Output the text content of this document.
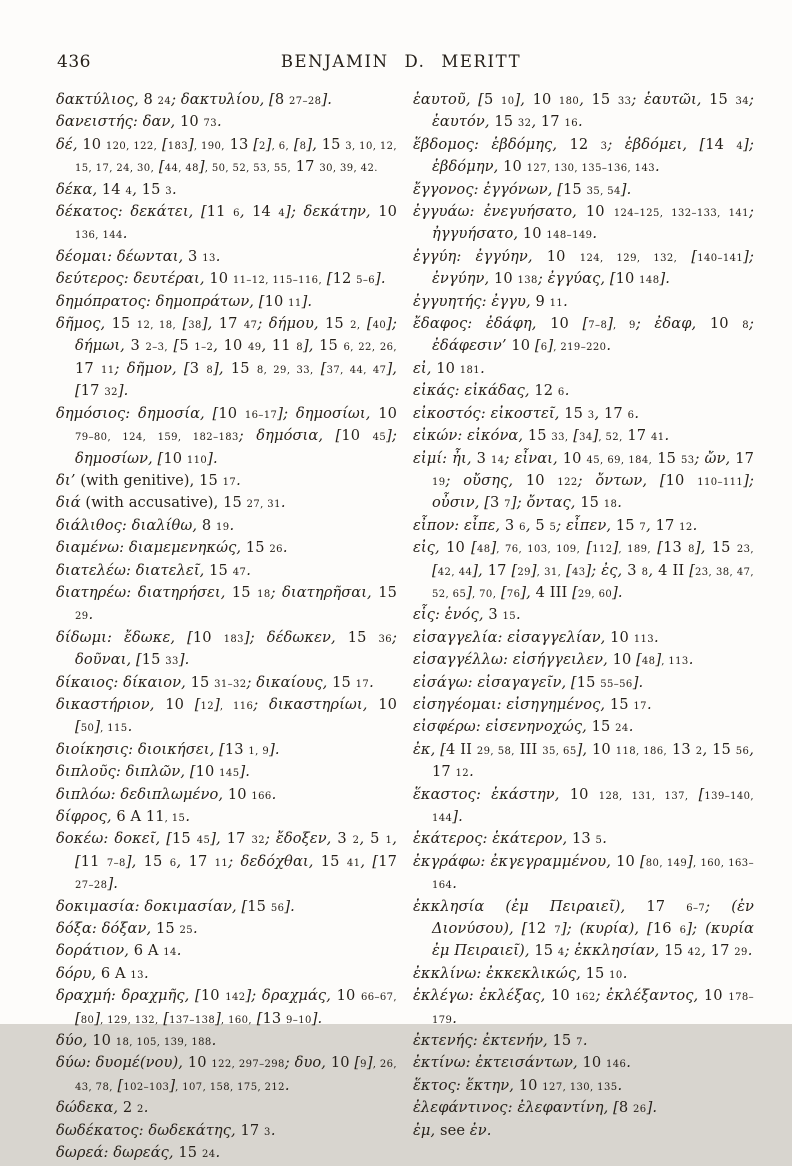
436	BENJAMIN D. MERITT

δακτύλιος, 8 24; δακτυλίου, [8 27–28].

δανειστής: δαν, 10 73.

δέ, 10 120, 122, [183], 190, 13 [2], 6, [8], 15 3, 10, 12, 15, 17, 24, 30, [44, 48], 50, 52, 53, 55, 17 30, 39, 42.

δέκα, 14 4, 15 3.

δέκατος: δεκάτει, [11 6, 14 4]; δεκάτην, 10 136, 144.

δέομαι: δέωνται, 3 13.

δεύτερος: δευτέραι, 10 11–12, 115–116, [12 5–6].

δημόπρατος: δημοπράτων, [10 11].

δῆμος, 15 12, 18, [38], 17 47; δήμου, 15 2, [40]; δήμωι, 3 2–3, [5 1–2, 10 49, 11 8], 15 6, 22, 26, 17 11; δῆμον, [3 8], 15 8, 29, 33, [37, 44, 47], [17 32].

δημόσιος: δημοσία, [10 16–17]; δημοσίωι, 10 79–80, 124, 159, 182–183; δημόσια, [10 45]; δημοσίων, [10 110].

δι’ (with genitive), 15 17.

διά (with accusative), 15 27, 31.

διάλιθος: διαλίθω, 8 19.

διαμένω: διαμεμενηκώς, 15 26.

διατελέω: διατελεῖ, 15 47.

διατηρέω: διατηρήσει, 15 18; διατηρῆσαι, 15 29.

δίδωμι: ἔδωκε, [10 183]; δέδωκεν, 15 36; δοῦναι, [15 33].

δίκαιος: δίκαιον, 15 31–32; δικαίους, 15 17.

δικαστήριον, 10 [12], 116; δικαστηρίωι, 10 [50], 115.

διοίκησις: διοικήσει, [13 1, 9].

διπλοῦς: διπλῶν, [10 145].

διπλόω: δεδιπλωμένο, 10 166.

δίφρος, 6 A 11, 15.

δοκέω: δοκεῖ, [15 45], 17 32; ἔδοξεν, 3 2, 5 1, [11 7–8], 15 6, 17 11; δεδόχθαι, 15 41, [17 27–28].

δοκιμασία: δοκιμασίαν, [15 56].

δόξα: δόξαν, 15 25.

δοράτιον, 6 A 14.

δόρυ, 6 A 13.

δραχμή: δραχμῆς, [10 142]; δραχμάς, 10 66–67, [80], 129, 132, [137–138], 160, [13 9–10].

δύο, 10 18, 105, 139, 188.

δύω: δυομέ(νου), 10 122, 297–298; δυο, 10 [9], 26, 43, 78, [102–103], 107, 158, 175, 212.

δώδεκα, 2 2.

δωδέκατος: δωδεκάτης, 17 3.

δωρεά: δωρεάς, 15 24.

ἑαυτοῦ, [5 10], 10 180, 15 33; ἑαυτῶι, 15 34; ἑαυτόν, 15 32, 17 16.

ἕβδομος: ἑβδόμης, 12 3; ἑβδόμει, [14 4]; ἑβδόμην, 10 127, 130, 135–136, 143.

ἔγγονος: ἐγγόνων, [15 35, 54].

ἐγγυάω: ἐνεγυήσατο, 10 124–125, 132–133, 141; ἠγγυήσατο, 10 148–149.

ἐγγύη: ἐγγύην, 10 124, 129, 132, [140–141]; ἐνγύην, 10 138; ἐγγύας, [10 148].

ἐγγυητής: ἐγγυ, 9 11.

ἔδαφος: ἐδάφη, 10 [7–8], 9; ἐδαφ, 10 8; ἐδάφεσιν’ 10 [6], 219–220.

εἰ, 10 181.

εἰκάς: εἰκάδας, 12 6.

εἰκοστός: εἰκοστεῖ, 15 3, 17 6.

εἰκών: εἰκόνα, 15 33, [34], 52, 17 41.

εἰμί: ἦι, 3 14; εἶναι, 10 45, 69, 184, 15 53; ὤν, 17 19; οὔσης, 10 122; ὄντων, [10 110–111]; οὖσιν, [3 7]; ὄντας, 15 18.

εἶπον: εἶπε, 3 6, 5 5; εἶπεν, 15 7, 17 12.

εἰς, 10 [48], 76, 103, 109, [112], 189, [13 8], 15 23, [42, 44], 17 [29], 31, [43]; ἐς, 3 8, 4 II [23, 38, 47, 52, 65], 70, [76], 4 III [29, 60].

εἷς: ἑνός, 3 15.

εἰσαγγελία: εἰσαγγελίαν, 10 113.

εἰσαγγέλλω: εἰσήγγειλεν, 10 [48], 113.

εἰσάγω: εἰσαγαγεῖν, [15 55–56].

εἰσηγέομαι: εἰσηγημένος, 15 17.

εἰσφέρω: εἰσενηνοχώς, 15 24.

ἐκ, [4 II 29, 58, III 35, 65], 10 118, 186, 13 2, 15 56, 17 12.

ἕκαστος: ἑκάστην, 10 128, 131, 137, [139–140, 144].

ἑκάτερος: ἑκάτερον, 13 5.

ἐκγράφω: ἐκγεγραμμένου, 10 [80, 149], 160, 163–164.

ἐκκλησία (ἐμ Πειραιεῖ), 17 6–7; (ἐν Διονύσου), [12 7]; (κυρία), [16 6]; (κυρία ἐμ Πειραιεῖ), 15 4; ἐκκλησίαν, 15 42, 17 29.

ἐκκλίνω: ἐκκεκλικώς, 15 10.

ἐκλέγω: ἐκλέξας, 10 162; ἐκλέξαντος, 10 178–179.

ἐκτενής: ἐκτενήν, 15 7.

ἐκτίνω: ἐκτεισάντων, 10 146.

ἕκτος: ἕκτην, 10 127, 130, 135.

ἐλεφάντινος: ἐλεφαντίνη, [8 26].

ἐμ, see ἐν.
